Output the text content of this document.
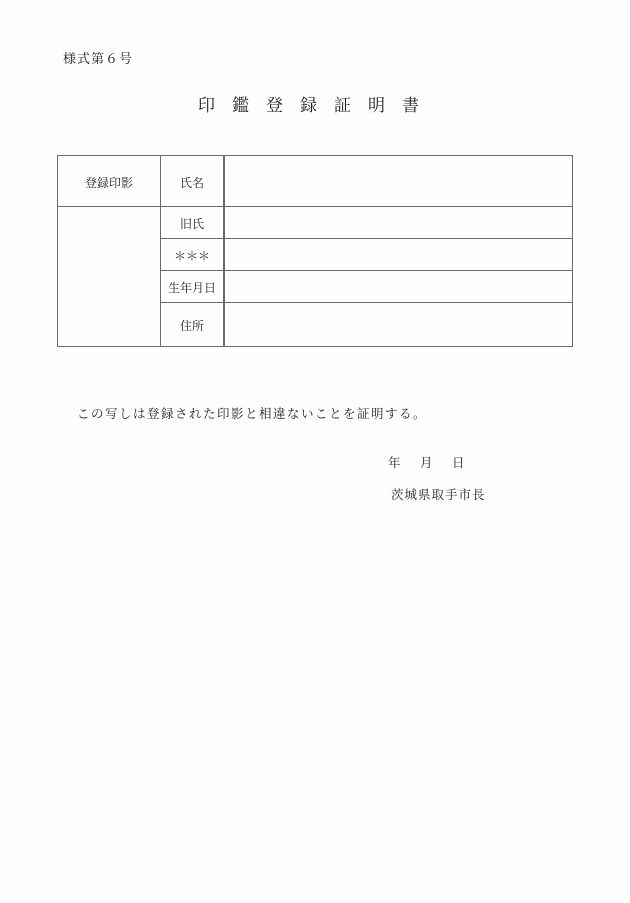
様式第６号
印鑑登録証明書
登録印影	氏名
旧氏
＊＊＊
生年月日
住所
この写しは登録された印影と相違ないことを証明する。
年 月 日
茨城県取手市長
